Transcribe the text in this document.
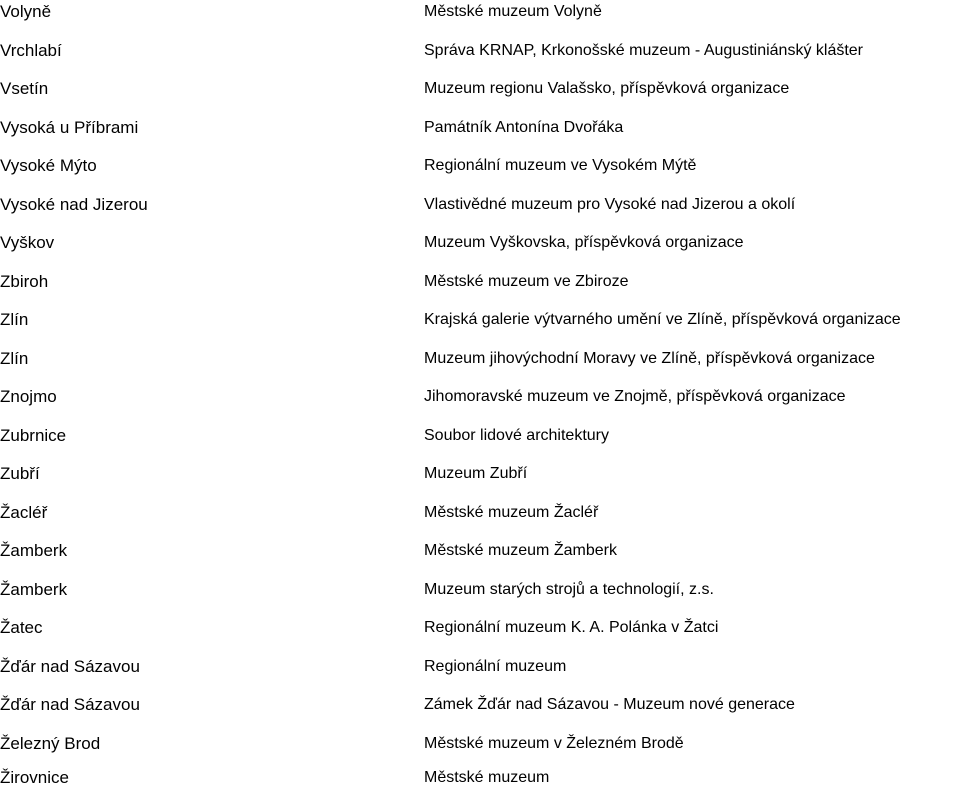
Volyně	Městské muzeum Volyně
Vrchlabí	Správa KRNAP, Krkonošské muzeum - Augustiniánský klášter
Vsetín	Muzeum regionu Valašsko, příspěvková organizace
Vysoká u Příbrami	Památník Antonína Dvořáka
Vysoké Mýto	Regionální muzeum ve Vysokém Mýtě
Vysoké nad Jizerou	Vlastivědné muzeum pro Vysoké nad Jizerou a okolí
Vyškov	Muzeum Vyškovska, příspěvková organizace
Zbiroh	Městské muzeum ve Zbiroze
Zlín	Krajská galerie výtvarného umění ve Zlíně, příspěvková organizace
Zlín	Muzeum jihovýchodní Moravy ve Zlíně, příspěvková organizace
Znojmo	Jihomoravské muzeum ve Znojmě, příspěvková organizace
Zubrnice	Soubor lidové architektury
Zubří	Muzeum Zubří
Žacléř	Městské muzeum Žacléř
Žamberk	Městské muzeum Žamberk
Žamberk	Muzeum starých strojů a technologií, z.s.
Žatec	Regionální muzeum K. A. Polánka v Žatci
Žďár nad Sázavou	Regionální muzeum
Žďár nad Sázavou	Zámek Žďár nad Sázavou - Muzeum nové generace
Železný Brod	Městské muzeum v Železném Brodě
Žirovnice	Městské muzeum
